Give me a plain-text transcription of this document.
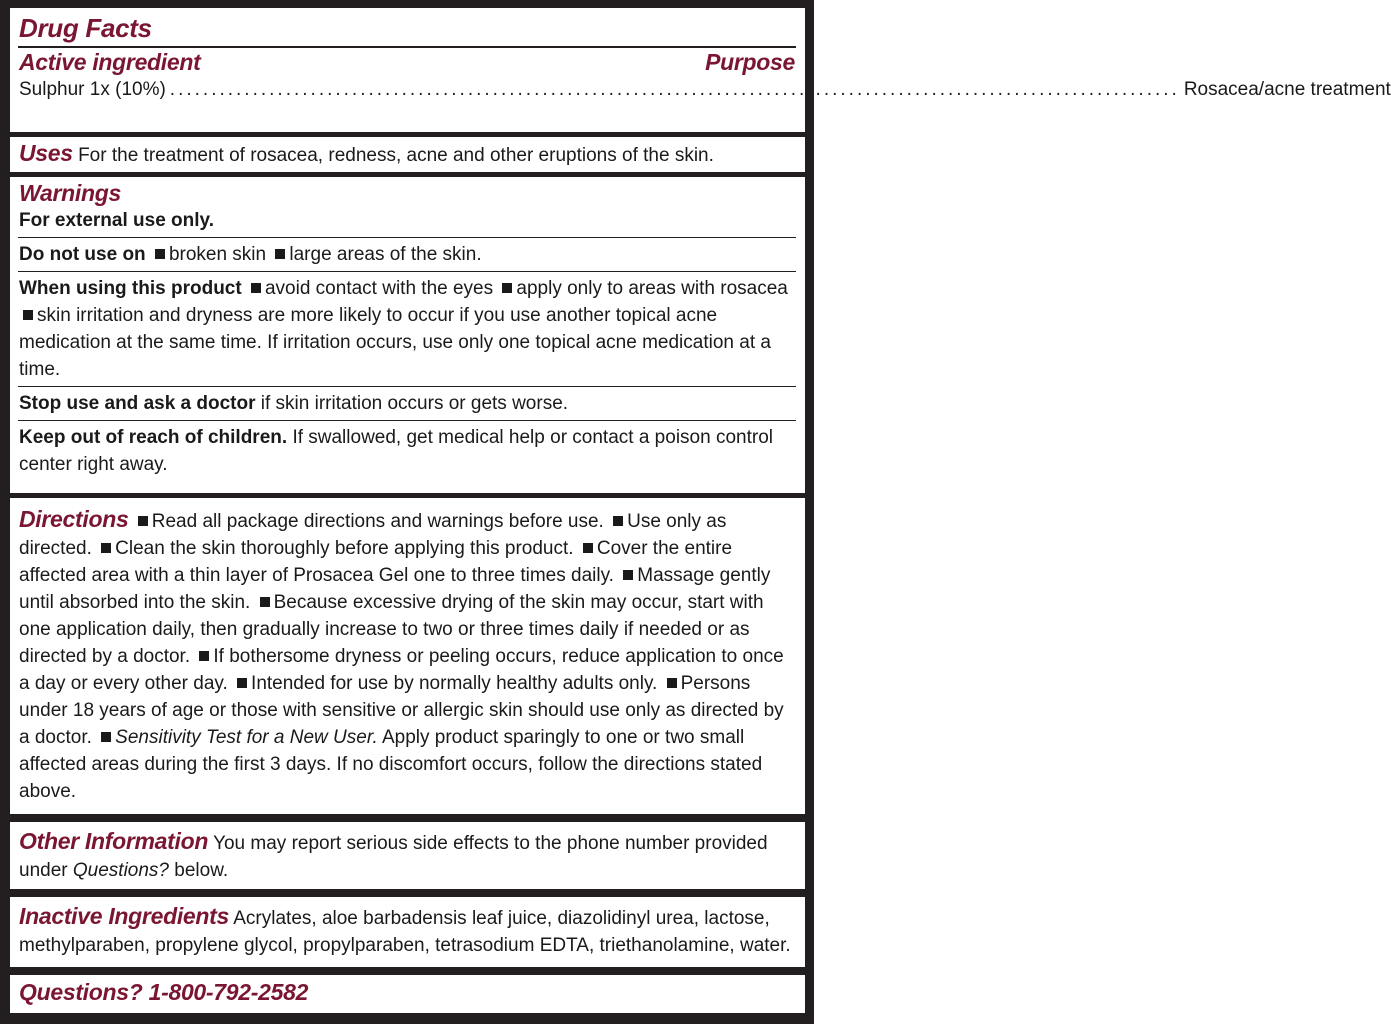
Drug Facts
Active ingredient	Purpose
Sulphur 1x (10%) .......................................................................................................................... Rosacea/acne treatment
Uses For the treatment of rosacea, redness, acne and other eruptions of the skin.
Warnings
For external use only.
Do not use on broken skin large areas of the skin.
When using this product avoid contact with the eyes apply only to areas with rosacea skin irritation and dryness are more likely to occur if you use another topical acne medication at the same time. If irritation occurs, use only one topical acne medication at a time.
Stop use and ask a doctor if skin irritation occurs or gets worse.
Keep out of reach of children. If swallowed, get medical help or contact a poison control center right away.
Directions Read all package directions and warnings before use. Use only as directed. Clean the skin thoroughly before applying this product. Cover the entire affected area with a thin layer of Prosacea Gel one to three times daily. Massage gently until absorbed into the skin. Because excessive drying of the skin may occur, start with one application daily, then gradually increase to two or three times daily if needed or as directed by a doctor. If bothersome dryness or peeling occurs, reduce application to once a day or every other day. Intended for use by normally healthy adults only. Persons under 18 years of age or those with sensitive or allergic skin should use only as directed by a doctor. Sensitivity Test for a New User. Apply product sparingly to one or two small affected areas during the first 3 days. If no discomfort occurs, follow the directions stated above.
Other Information You may report serious side effects to the phone number provided under Questions? below.
Inactive Ingredients Acrylates, aloe barbadensis leaf juice, diazolidinyl urea, lactose, methylparaben, propylene glycol, propylparaben, tetrasodium EDTA, triethanolamine, water.
Questions? 1-800-792-2582
